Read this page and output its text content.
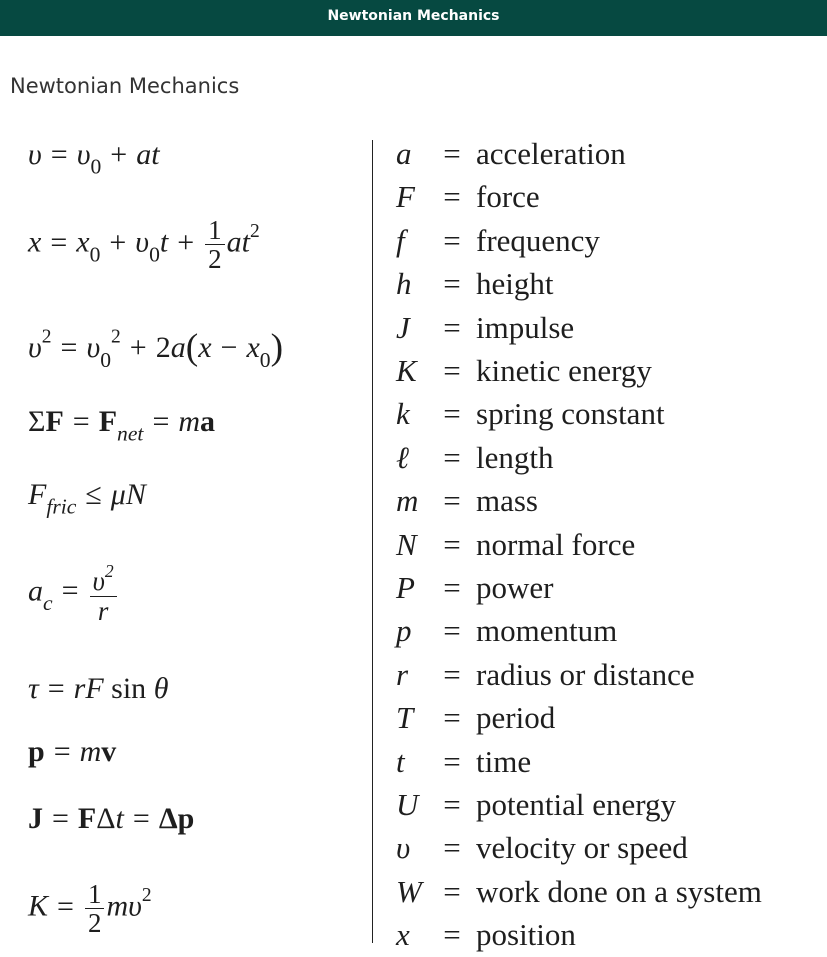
Newtonian Mechanics
Newtonian Mechanics
$\upsilon = \upsilon_0$ + at
$x = x_0 + \upsilon_0t + \frac{1}{2} at^2$
$\upsilon^2 = \upsilon_0^2 + 2a(x - x_0)$
$\Sigma F = F_{net}$ = ma
$F_{fric} \le \mu N$
$a_c = \frac{\upsilon^2}{r}$
τ = rF sin θ
p = mv
J = FΔt = Δp
$K = \frac{1}{2} m\upsilon^2$
a	= acceleration
F = force
f	= frequency
h	= height
J	= impulse
K = kinetic energy
k	= spring constant
ℓ	= length
m = mass
N = normal force
P = power
p	= momentum
r	= radius or distance
T = period
t	= time
U = potential energy
υ	= velocity or speed
W = work done on a system
x	= position
